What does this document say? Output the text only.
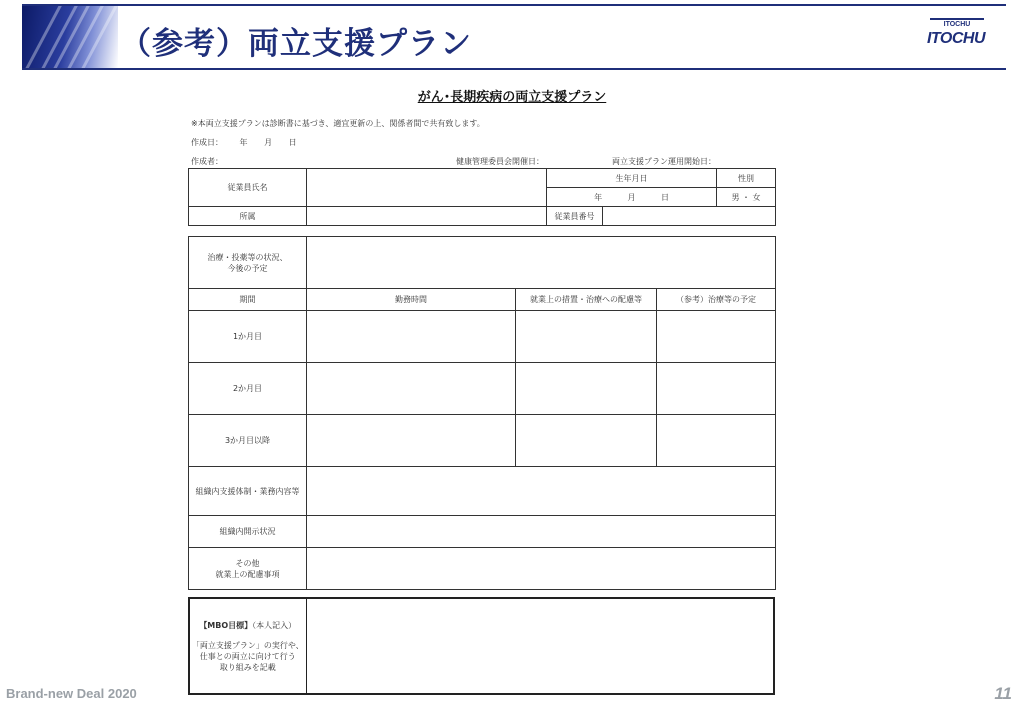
（参考）両立支援プラン
ITOCHU
ITOCHU
がん･長期疾病の両立支援プラン
※本両立支援プランは診断書に基づき、適宜更新の上、関係者間で共有致します。
作成日： 年 月 日
作成者：	健康管理委員会開催日：	両立支援プラン運用開始日：
従業員氏名		生年月日		性別
		年 月 日		男 ・ 女
所属		従業員番号		
治療・投薬等の状況、
今後の予定			

期間	勤務時間	就業上の措置・治療への配慮等	（参考）治療等の予定
1か月目			
2か月目			
3か月目以降			
組織内支援体制・業務内容等			
組織内開示状況			

その他
就業上の配慮事項			

【MBO目標】（本人記入）
「両立支援プラン」の実行や、
仕事との両立に向けて行う
取り組みを記載

Brand-new Deal 2020	11
